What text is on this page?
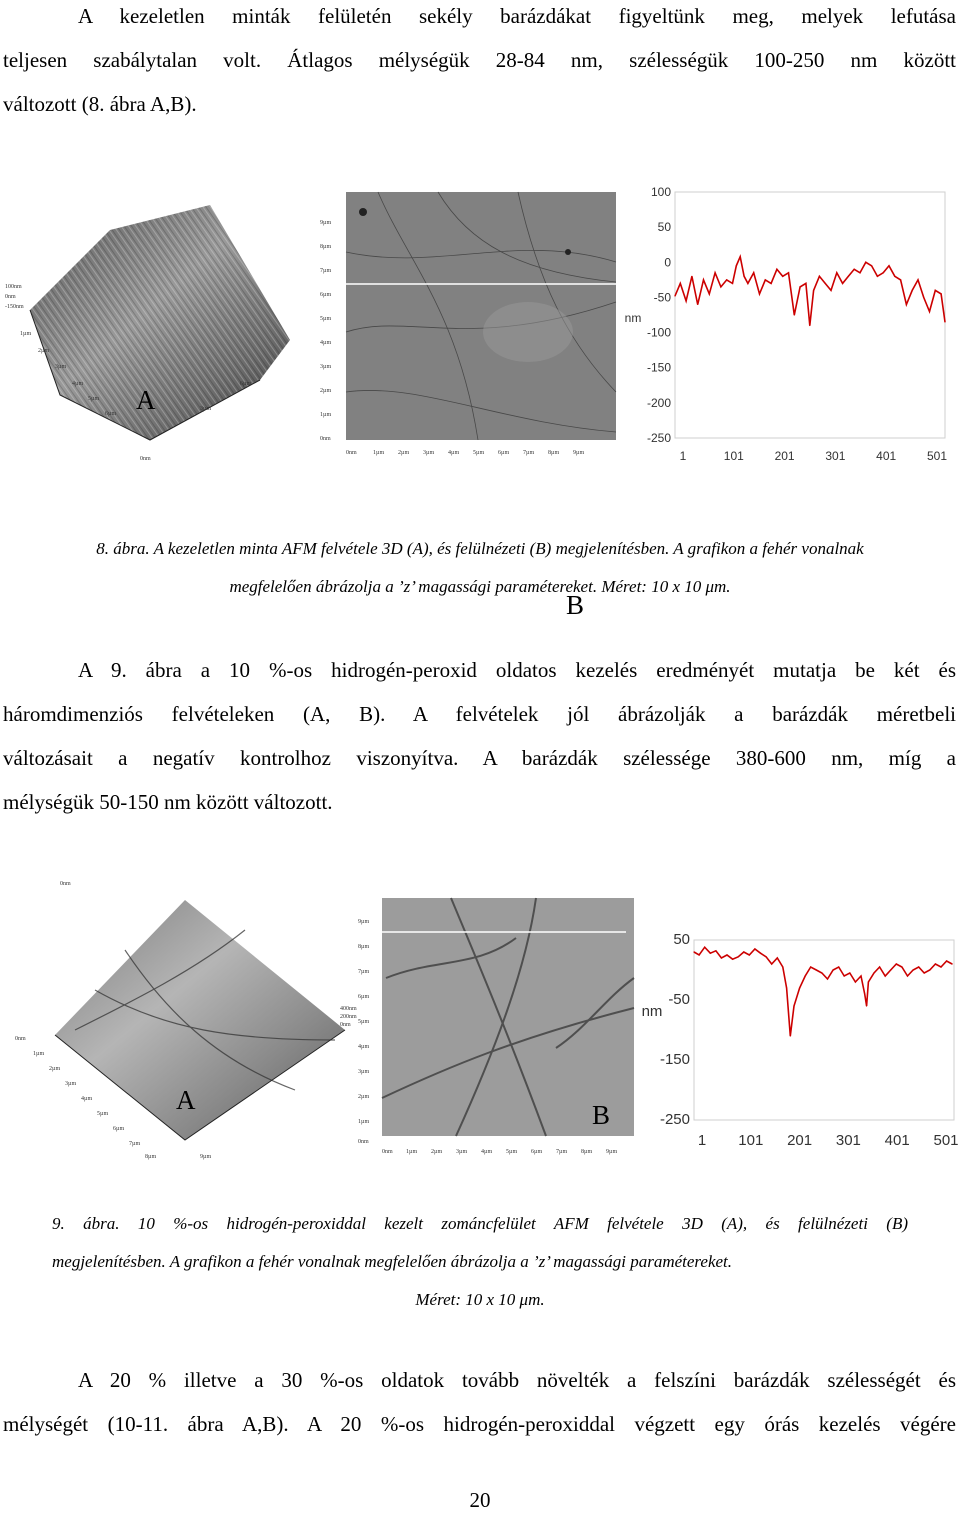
A kezeletlen minták felületén sekély barázdákat figyeltünk meg, melyek lefutása
teljesen szabálytalan volt. Átlagos mélységük 28-84 nm, szélességük 100-250 nm között
változott (8. ábra A,B).
100nm
0nm
-150nm
1µm
2µm
3µm
4µm
5µm
6µm
0nm
3µm
6µm
A
9µm
8µm
7µm
6µm
5µm
4µm
3µm
2µm
1µm
0nm
0nm	1µm 2µm 3µm 4µm 5µm 6µm 7µm 8µm 9µm
B
100
50
0
-50
-100
-150
-200
-250
1	101	201	301	401	501
nm
8. ábra. A kezeletlen minta AFM felvétele 3D (A), és felülnézeti (B) megjelenítésben. A grafikon a fehér vonalnak
megfelelően ábrázolja a ’z’ magassági paramétereket. Méret: 10 x 10 μm.
A 9. ábra a 10 %-os hidrogén-peroxid oldatos kezelés eredményét mutatja be két és
háromdimenziós felvételeken (A, B). A felvételek jól ábrázolják a barázdák méretbeli
változásait a negatív kontrolhoz viszonyítva. A barázdák szélessége 380-600 nm, míg a
mélységük 50-150 nm között változott.
0nm
1µm
2µm
3µm
4µm
5µm
6µm
7µm
8µm	9µm
0nm
400nm
200nm
0nm
A
9µm
8µm
7µm
6µm
5µm
4µm
3µm
2µm
1µm
0nm
0nm 1µm 2µm 3µm 4µm 5µm 6µm 7µm 8µm 9µm
B
50
-50
-150
-250
1 101 201 301 401 501
nm
9. ábra. 10 %-os hidrogén-peroxiddal kezelt zománcfelület AFM felvétele 3D (A), és felülnézeti (B)
megjelenítésben. A grafikon a fehér vonalnak megfelelően ábrázolja a ’z’ magassági paramétereket.
Méret: 10 x 10 μm.
A 20 % illetve a 30 %-os oldatok tovább növelték a felszíni barázdák szélességét és
mélységét (10-11. ábra A,B). A 20 %-os hidrogén-peroxiddal végzett egy órás kezelés végére
20
